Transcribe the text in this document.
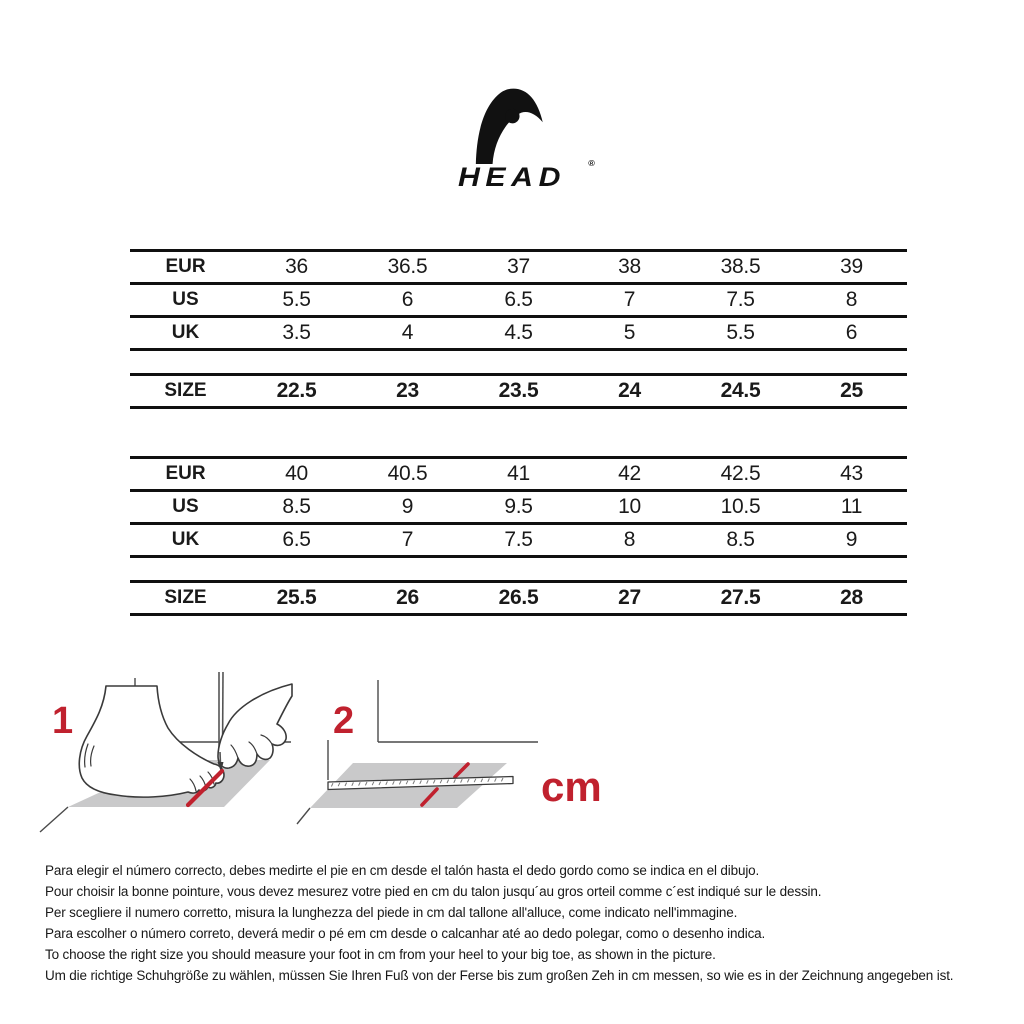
HEAD	®
EUR	36	36.5	37	38	38.5	39
US	5.5	6	6.5	7	7.5	8
UK	3.5	4	4.5	5	5.5	6
SIZE	22.5	23	23.5	24	24.5	25
EUR	40	40.5	41	42	42.5	43
US	8.5	9	9.5	10	10.5	11
UK	6.5	7	7.5	8	8.5	9
SIZE	25.5	26	26.5	27	27.5	28
1	2
cm
Para elegir el número correcto, debes medirte el pie en cm desde el talón hasta el dedo gordo como se indica en el dibujo.
Pour choisir la bonne pointure, vous devez mesurez votre pied en cm du talon jusqu´au gros orteil comme c´est indiqué sur le dessin.
Per scegliere il numero corretto, misura la lunghezza del piede in cm dal tallone all'alluce, come indicato nell'immagine.
Para escolher o número correto, deverá medir o pé em cm desde o calcanhar até ao dedo polegar, como o desenho indica.
To choose the right size you should measure your foot in cm from your heel to your big toe, as shown in the picture.
Um die richtige Schuhgröße zu wählen, müssen Sie Ihren Fuß von der Ferse bis zum großen Zeh in cm messen, so wie es in der Zeichnung angegeben ist.
